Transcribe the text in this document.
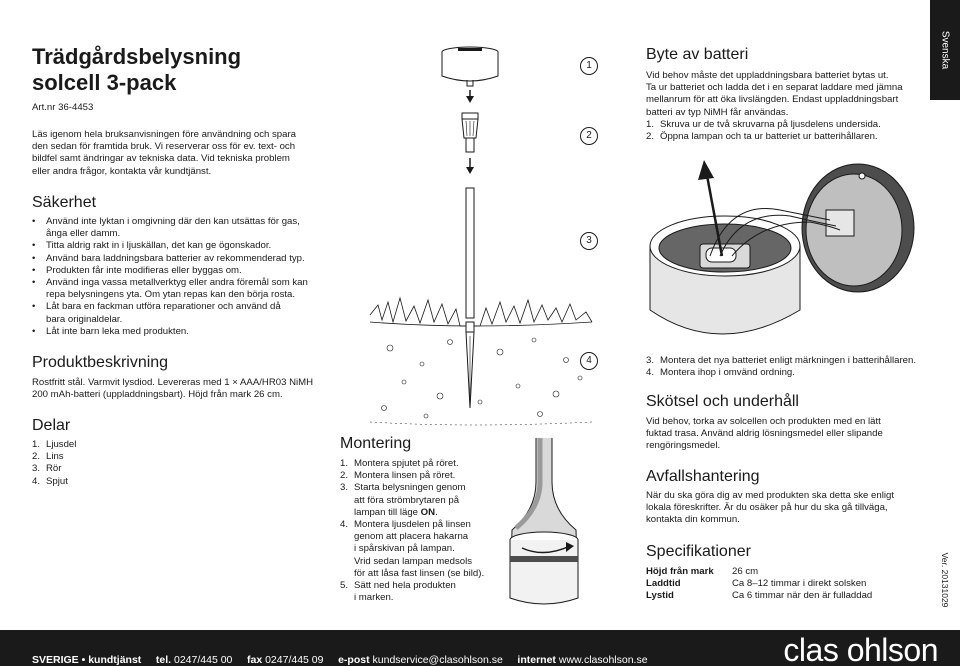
Trädgårdsbelysning
solcell 3-pack
Art.nr 36-4453
Läs igenom hela bruksanvisningen före användning och spara
den sedan för framtida bruk. Vi reserverar oss för ev. text- och
bildfel samt ändringar av tekniska data. Vid tekniska problem
eller andra frågor, kontakta vår kundtjänst.
Säkerhet
• Använd inte lyktan i omgivning där den kan utsättas för gas,
ånga eller damm.
• Titta aldrig rakt in i ljuskällan, det kan ge ögonskador.
• Använd bara laddningsbara batterier av rekommenderad typ.
• Produkten får inte modifieras eller byggas om.
• Använd inga vassa metallverktyg eller andra föremål som kan
repa belysningens yta. Om ytan repas kan den börja rosta.
• Låt bara en fackman utföra reparationer och använd då
bara originaldelar.
• Låt inte barn leka med produkten.
Produktbeskrivning
Rostfritt stål. Varmvit lysdiod. Levereras med 1 × AAA/HR03 NiMH
200 mAh-batteri (uppladdningsbart). Höjd från mark 26 cm.
Delar
1. Ljusdel
2. Lins
3. Rör
4. Spjut
1
2
3
4
Montering
1. Montera spjutet på röret.
2. Montera linsen på röret.
3. Starta belysningen genom
att föra strömbrytaren på
lampan till läge ON.
4. Montera ljusdelen på linsen
genom att placera hakarna
i spårskivan på lampan.
Vrid sedan lampan medsols
för att låsa fast linsen (se bild).
5. Sätt ned hela produkten
i marken.
Svenska
Byte av batteri
Vid behov måste det uppladdningsbara batteriet bytas ut.
Ta ur batteriet och ladda det i en separat laddare med jämna
mellanrum för att öka livslängden. Endast uppladdningsbart
batteri av typ NiMH får användas.
1. Skruva ur de två skruvarna på ljusdelens undersida.
2. Öppna lampan och ta ur batteriet ur batterihållaren.
3. Montera det nya batteriet enligt märkningen i batterihållaren.
4. Montera ihop i omvänd ordning.
Skötsel och underhåll
Vid behov, torka av solcellen och produkten med en lätt
fuktad trasa. Använd aldrig lösningsmedel eller slipande
rengöringsmedel.
Avfallshantering
När du ska göra dig av med produkten ska detta ske enligt
lokala föreskrifter. Är du osäker på hur du ska gå tillväga,
kontakta din kommun.
Specifikationer
Höjd från mark	26 cm
Laddtid	Ca 8–12 timmar i direkt solsken
Lystid	Ca 6 timmar när den är fulladdad	Ver. 20131029
SVERIGE • kundtjänst tel. 0247/445 00 fax 0247/445 09 e-post kundservice@clasohlson.se internet www.clasohlson.se	clas ohlson
